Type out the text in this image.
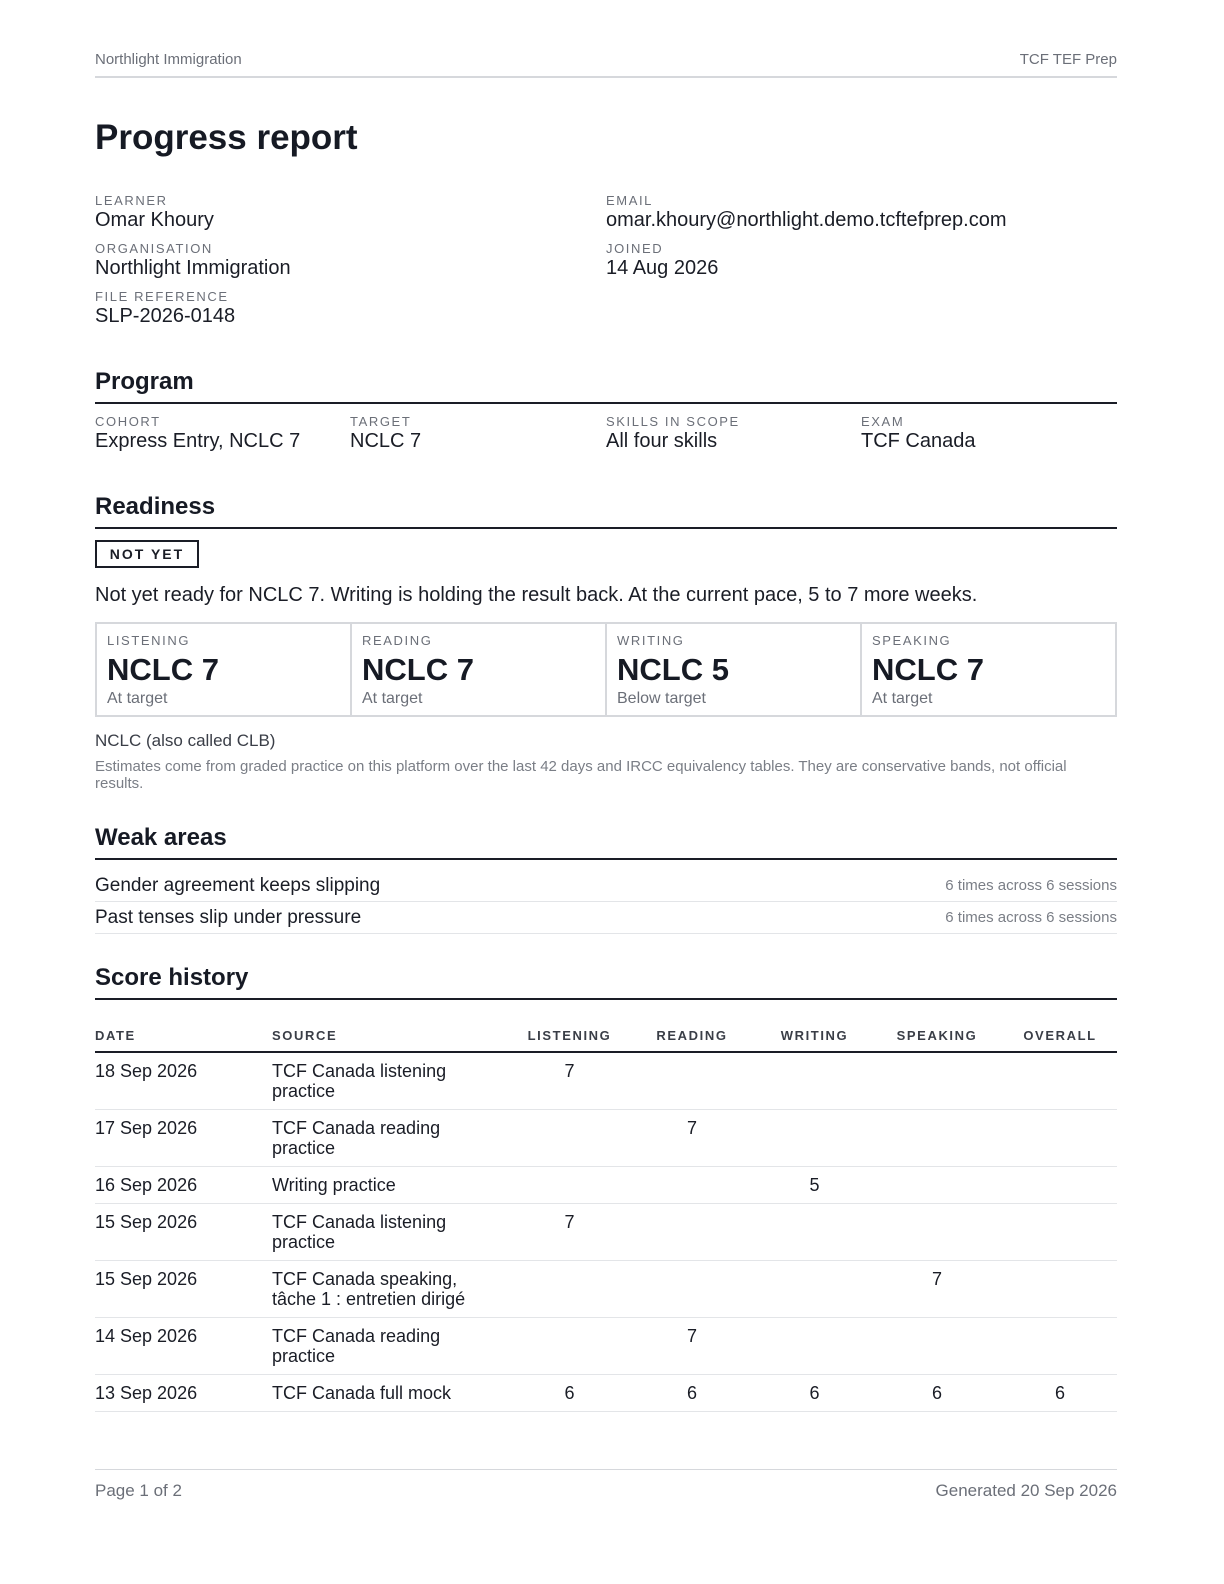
Northlight Immigration	TCF TEF Prep
Progress report
LEARNER
Omar Khoury
EMAIL
omar.khoury@northlight.demo.tcftefprep.com
ORGANISATION
Northlight Immigration
JOINED
14 Aug 2026
FILE REFERENCE
SLP-2026-0148
Program
COHORT
Express Entry, NCLC 7
TARGET
NCLC 7
SKILLS IN SCOPE
All four skills
EXAM
TCF Canada
Readiness
NOT YET

Not yet ready for NCLC 7. Writing is holding the result back. At the current pace, 5 to 7 more weeks.

LISTENING
NCLC 7
At target
READING
NCLC 7
At target
WRITING
NCLC 5
Below target
SPEAKING
NCLC 7
At target

NCLC (also called CLB)

Estimates come from graded practice on this platform over the last 42 days and IRCC equivalency tables. They are conservative bands, not official results.

Weak areas
Gender agreement keeps slipping	6 times across 6 sessions
Past tenses slip under pressure	6 times across 6 sessions
Score history
DATE	SOURCE	LISTENING	READING	WRITING	SPEAKING	OVERALL
18 Sep 2026	TCF Canada listening practice	7				
17 Sep 2026	TCF Canada reading practice		7			
16 Sep 2026	Writing practice			5		
15 Sep 2026	TCF Canada listening practice	7				
15 Sep 2026	TCF Canada speaking, tâche 1 : entretien dirigé				7	
14 Sep 2026	TCF Canada reading practice		7			
13 Sep 2026	TCF Canada full mock	6	6	6	6	6
Page 1 of 2	Generated 20 Sep 2026
